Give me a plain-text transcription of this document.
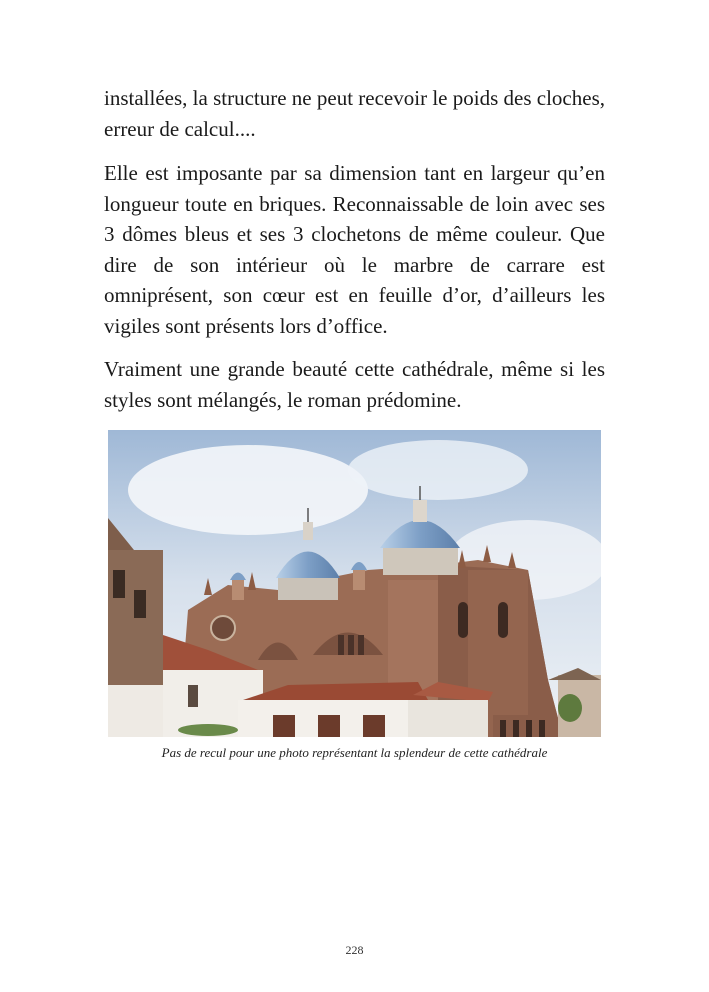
installées, la structure ne peut recevoir le poids des cloches, erreur de calcul....

Elle est imposante par sa dimension tant en largeur qu’en longueur toute en briques. Reconnaissable de loin avec ses 3 dômes bleus et ses 3 clochetons de même couleur. Que dire de son intérieur où le marbre de carrare est omniprésent, son cœur est en feuille d’or, d’ailleurs les vigiles sont présents lors d’office.

Vraiment une grande beauté cette cathédrale, même si les styles sont mélangés, le roman prédomine.

Pas de recul pour une photo représentant la splendeur de cette cathédrale
228
